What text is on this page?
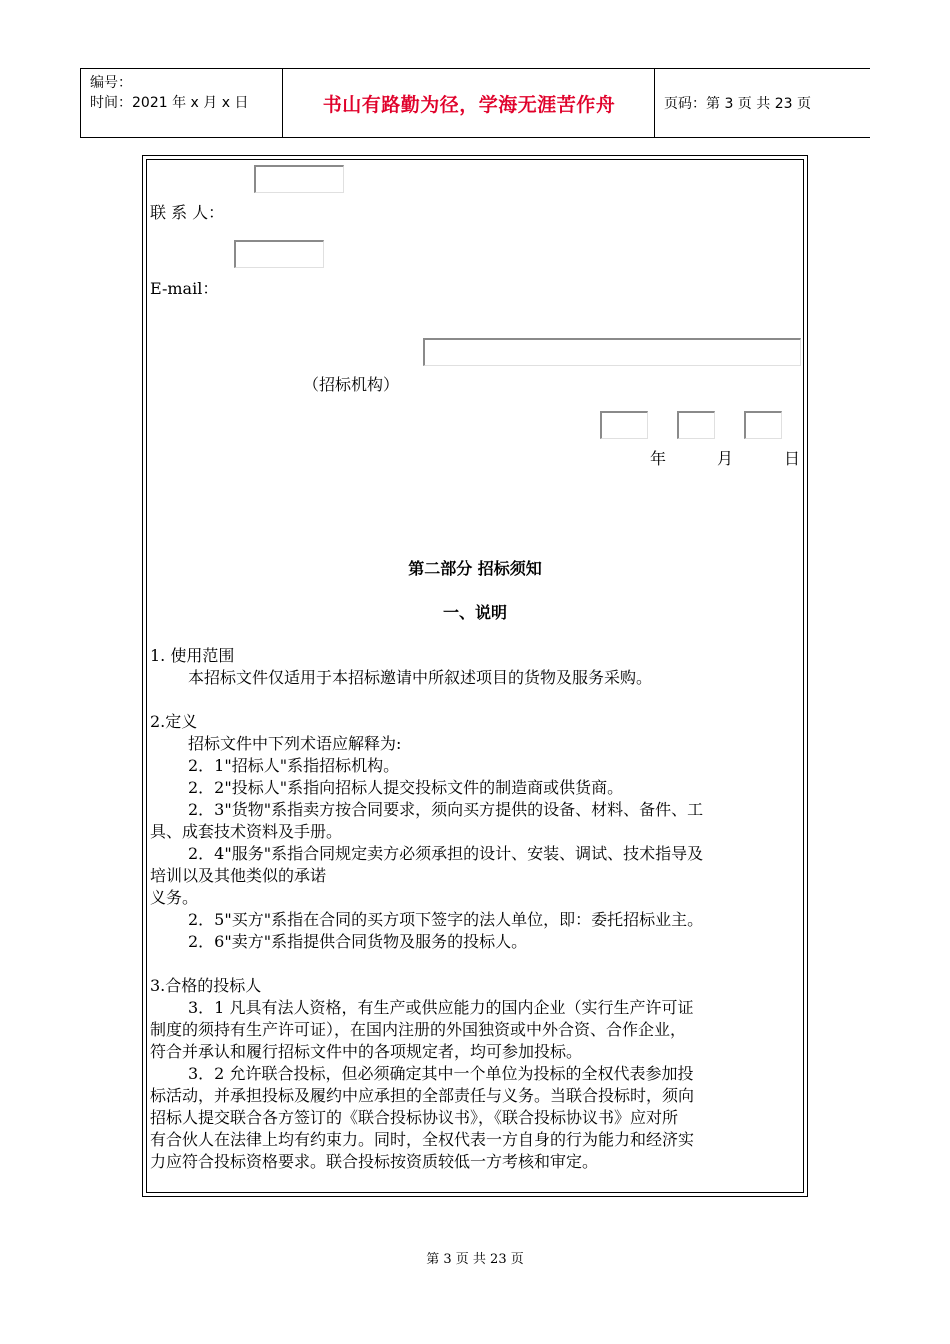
编号：
时间：2021 年 x 月 x 日	书山有路勤为径，学海无涯苦作舟	页码：第 3 页 共 23 页
联 系 人：
E-mail：
（招标机构）
年	月	日
第二部分 招标须知
一、说明
1. 使用范围
本招标文件仅适用于本招标邀请中所叙述项目的货物及服务采购。
2.定义
招标文件中下列术语应解释为:
2．1"招标人"系指招标机构。
2．2"投标人"系指向招标人提交投标文件的制造商或供货商。
2．3"货物"系指卖方按合同要求，须向买方提供的设备、材料、备件、工
具、成套技术资料及手册。
2．4"服务"系指合同规定卖方必须承担的设计、安装、调试、技术指导及
培训以及其他类似的承诺
义务。
2．5"买方"系指在合同的买方项下签字的法人单位，即：委托招标业主。
2．6"卖方"系指提供合同货物及服务的投标人。
3.合格的投标人
3．1 凡具有法人资格，有生产或供应能力的国内企业（实行生产许可证
制度的须持有生产许可证），在国内注册的外国独资或中外合资、合作企业，
符合并承认和履行招标文件中的各项规定者，均可参加投标。
3．2 允许联合投标，但必须确定其中一个单位为投标的全权代表参加投
标活动，并承担投标及履约中应承担的全部责任与义务。当联合投标时，须向
招标人提交联合各方签订的《联合投标协议书》，《联合投标协议书》应对所
有合伙人在法律上均有约束力。同时，全权代表一方自身的行为能力和经济实
力应符合投标资格要求。联合投标按资质较低一方考核和审定。
第 3 页 共 23 页
